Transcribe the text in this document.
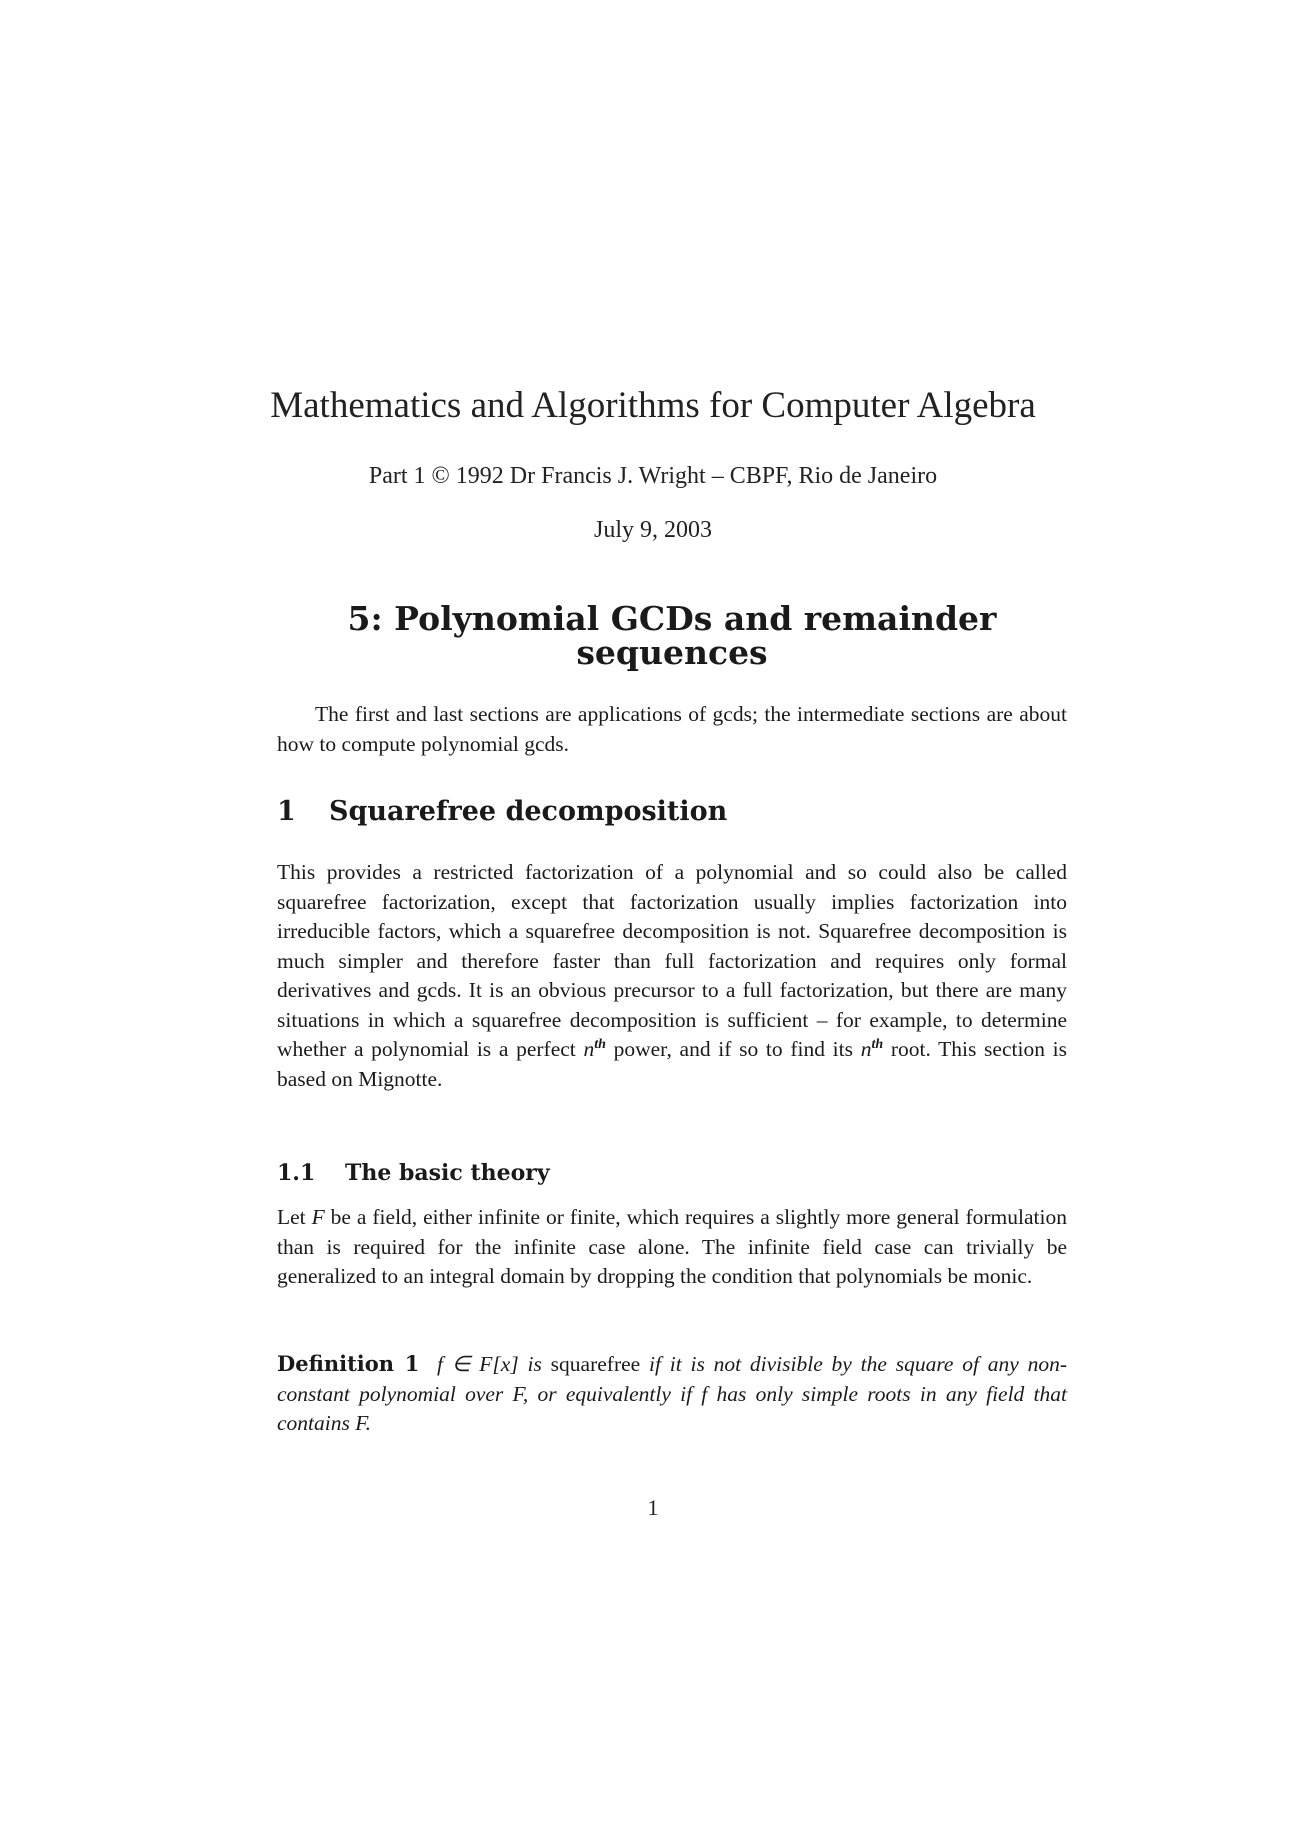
Mathematics and Algorithms for Computer Algebra
Part 1 © 1992 Dr Francis J. Wright – CBPF, Rio de Janeiro
July 9, 2003
5: Polynomial GCDs and remainder sequences

The first and last sections are applications of gcds; the intermediate sections are about how to compute polynomial gcds.

1 Squarefree decomposition

This provides a restricted factorization of a polynomial and so could also be called squarefree factorization, except that factorization usually implies factorization into irreducible factors, which a squarefree decomposition is not. Squarefree decomposition is much simpler and therefore faster than full factorization and requires only formal derivatives and gcds. It is an obvious precursor to a full factorization, but there are many situations in which a squarefree decomposition is sufficient – for example, to determine whether a polynomial is a perfect $n^{th}$ power, and if so to find its $n^{th}$ root. This section is based on Mignotte.

1.1 The basic theory

Let F be a field, either infinite or finite, which requires a slightly more general formulation than is required for the infinite case alone. The infinite field case can trivially be generalized to an integral domain by dropping the condition that polynomials be monic.

Definition 1 f ∈ F[x] is squarefree if it is not divisible by the square of any non-constant polynomial over F, or equivalently if f has only simple roots in any field that contains F.

1
